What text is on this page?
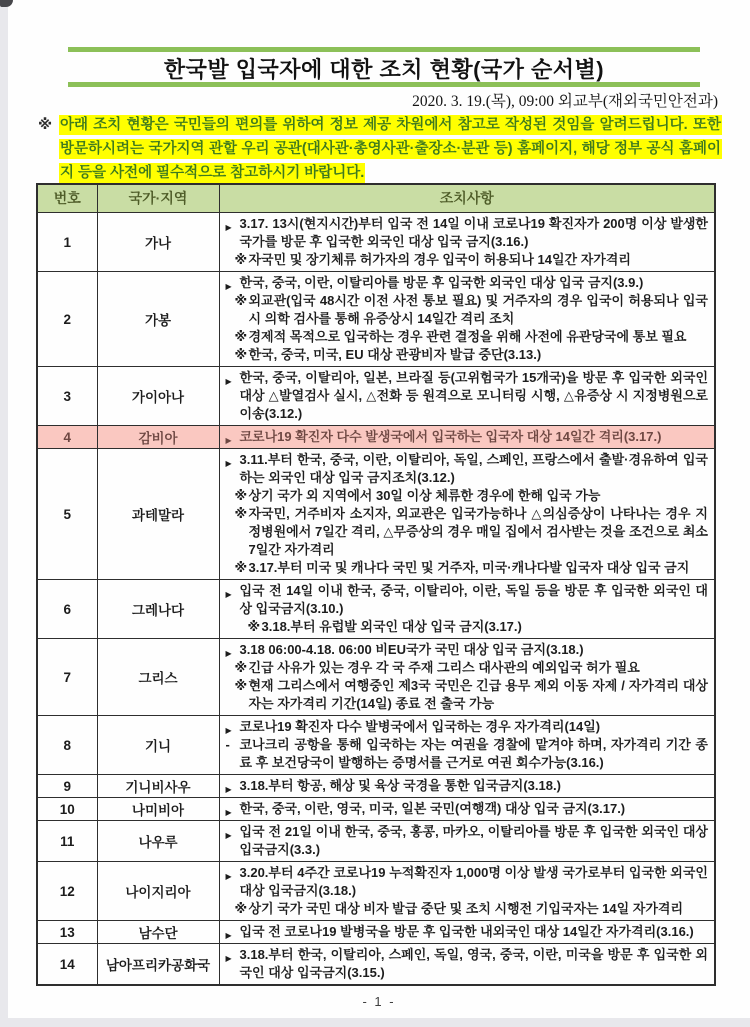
한국발 입국자에 대한 조치 현황(국가 순서별)
2020. 3. 19.(목), 09:00 외교부(재외국민안전과)
※ 아래 조치 현황은 국민들의 편의를 위하여 정보 제공 차원에서 참고로 작성된 것임을 알려드립니다. 또한 방문하시려는 국가지역 관할 우리 공관(대사관·총영사관·출장소·분관 등) 홈페이지, 해당 정부 공식 홈페이지 등을 사전에 필수적으로 참고하시기 바랍니다.
번호	국가·지역	조치사항
1	가나	▶ 3.17. 13시(현지시간)부터 입국 전 14일 이내 코로나19 확진자가 200명 이상 발생한 국가를 방문 후 입국한 외국인 대상 입국 금지(3.16.)
※ 자국민 및 장기체류 허가자의 경우 입국이 허용되나 14일간 자가격리

2	가봉	
▶ 한국, 중국, 이란, 이탈리아를 방문 후 입국한 외국인 대상 입국 금지(3.9.)
※ 외교관(입국 48시간 이전 사전 통보 필요) 및 거주자의 경우 입국이 허용되나 입국시 의학 검사를 통해 유증상시 14일간 격리 조치
※ 경제적 목적으로 입국하는 경우 관련 결정을 위해 사전에 유관당국에 통보 필요
※ 한국, 중국, 미국, EU 대상 관광비자 발급 중단(3.13.)

3	가이아나	▶ 한국, 중국, 이탈리아, 일본, 브라질 등(고위험국가 15개국)을 방문 후 입국한 외국인 대상 △발열검사 실시, △전화 등 원격으로 모니터링 시행, △유증상 시 지정병원으로 이송(3.12.)

4	감비아	▶ 코로나19 확진자 다수 발생국에서 입국하는 입국자 대상 14일간 격리(3.17.)

5	과테말라	
▶ 3.11.부터 한국, 중국, 이란, 이탈리아, 독일, 스페인, 프랑스에서 출발·경유하여 입국하는 외국인 대상 입국 금지조치(3.12.)
※ 상기 국가 외 지역에서 30일 이상 체류한 경우에 한해 입국 가능
※ 자국민, 거주비자 소지자, 외교관은 입국가능하나 △의심증상이 나타나는 경우 지정병원에서 7일간 격리, △무증상의 경우 매일 집에서 검사받는 것을 조건으로 최소 7일간 자가격리
※ 3.17.부터 미국 및 캐나다 국민 및 거주자, 미국·캐나다발 입국자 대상 입국 금지

6	그레나다	▶ 입국 전 14일 이내 한국, 중국, 이탈리아, 이란, 독일 등을 방문 후 입국한 외국인 대상 입국금지(3.10.)
※ 3.18.부터 유럽발 외국인 대상 입국 금지(3.17.)

7	그리스	
▶ 3.18 06:00-4.18. 06:00 비EU국가 국민 대상 입국 금지(3.18.)
※ 긴급 사유가 있는 경우 각 국 주재 그리스 대사관의 예외입국 허가 필요
※ 현재 그리스에서 여행중인 제3국 국민은 긴급 용무 제외 이동 자제 / 자가격리 대상자는 자가격리 기간(14일) 종료 전 출국 가능

8	기니	▶ 코로나19 확진자 다수 발병국에서 입국하는 경우 자가격리(14일)
- 코나크리 공항을 통해 입국하는 자는 여권을 경찰에 맡겨야 하며, 자가격리 기간 종료 후 보건당국이 발행하는 증명서를 근거로 여권 회수가능(3.16.)

9	기니비사우	▶ 3.18.부터 항공, 해상 및 육상 국경을 통한 입국금지(3.18.)

10	나미비아	▶ 한국, 중국, 이란, 영국, 미국, 일본 국민(여행객) 대상 입국 금지(3.17.)

11	나우루	▶ 입국 전 21일 이내 한국, 중국, 홍콩, 마카오, 이탈리아를 방문 후 입국한 외국인 대상 입국금지(3.3.)

12	나이지리아	▶ 3.20.부터 4주간 코로나19 누적확진자 1,000명 이상 발생 국가로부터 입국한 외국인 대상 입국금지(3.18.)
※ 상기 국가 국민 대상 비자 발급 중단 및 조치 시행전 기입국자는 14일 자가격리

13	남수단	▶ 입국 전 코로나19 발병국을 방문 후 입국한 내외국인 대상 14일간 자가격리(3.16.)

14	남아프리카공화국	▶ 3.18.부터 한국, 이탈리아, 스페인, 독일, 영국, 중국, 이란, 미국을 방문 후 입국한 외국인 대상 입국금지(3.15.)
- 1 -
